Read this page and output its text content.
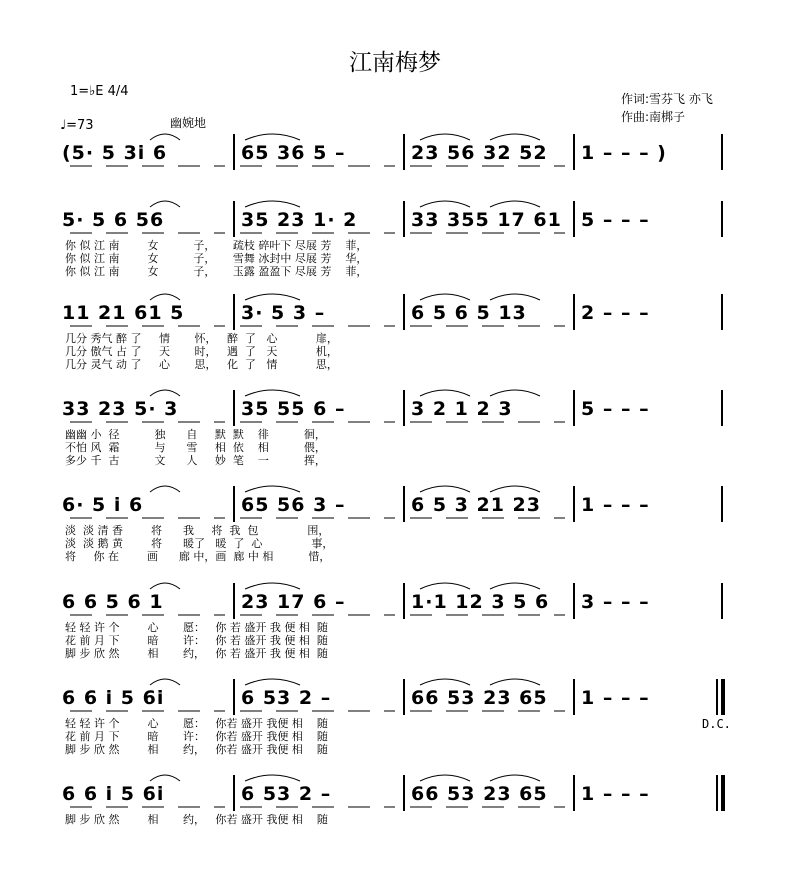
江南梅梦
1=♭E 4/4
♩=73	幽婉地
作词:雪芬飞 亦飞
作曲:南梆子
(5· 5 3i 6	65 36 5 –	23 56 32 52 1 – – – )
5· 5 6 56	35 23 1· 2	33 355 17 61 5 – – –
你 似 江 南        女          子，     疏枝 碎叶下 尽展 芳    菲，
你 似 江 南        女          子，     雪舞 冰封中 尽展 芳    华，
你 似 江 南        女          子，     玉露 盈盈下 尽展 芳    菲，
11 21 61 5	3· 5 3 –	6 5 6 5 13	2 – – –
几分 秀气 醉 了     情       怀，   醉  了   心           扉，
几分 傲气 占 了     天       时，   遇  了   天           机，
几分 灵气 动 了     心       思，   化  了   情           思，
33 23 5· 3	35 55 6 –	3 2 1 2 3	5 – – –
幽幽 小  径          独      自     默  默    徘          徊，
不怕 风  霜          与      雪     相  依    相          偎，
多少 千  古          文      人     妙  笔    一          挥，
6· 5 i 6	65 56 3 –	6 5 3 21 23 1 – – –
淡  淡 清 香        将      我     将  我  包              围，
淡  淡 鹅 黄        将      暖了   暖  了  心              事，
将     你 在        画      廊 中，画  廊 中 相          惜，
6 6 5 6 1	23 17 6 –	1·1 12 3 5 6 3 – – –
轻 轻 许 个        心       愿：   你 若 盛开 我 便 相  随
花 前 月 下        暗       许：   你 若 盛开 我 便 相  随
脚 步 欣 然        相       约，   你 若 盛开 我 便 相  随
6 6 i 5 6i	6 53 2 –	66 53 23 65 1 – – –
轻 轻 许 个        心       愿：   你若 盛开 我便 相    随
花 前 月 下        暗       许：   你若 盛开 我便 相    随
脚 步 欣 然        相       约，   你若 盛开 我便 相    随
6 6 i 5 6i	6 53 2 –	66 53 23 65 1 – – –
脚 步 欣 然        相       约，   你若 盛开 我便 相    随
D.C.
